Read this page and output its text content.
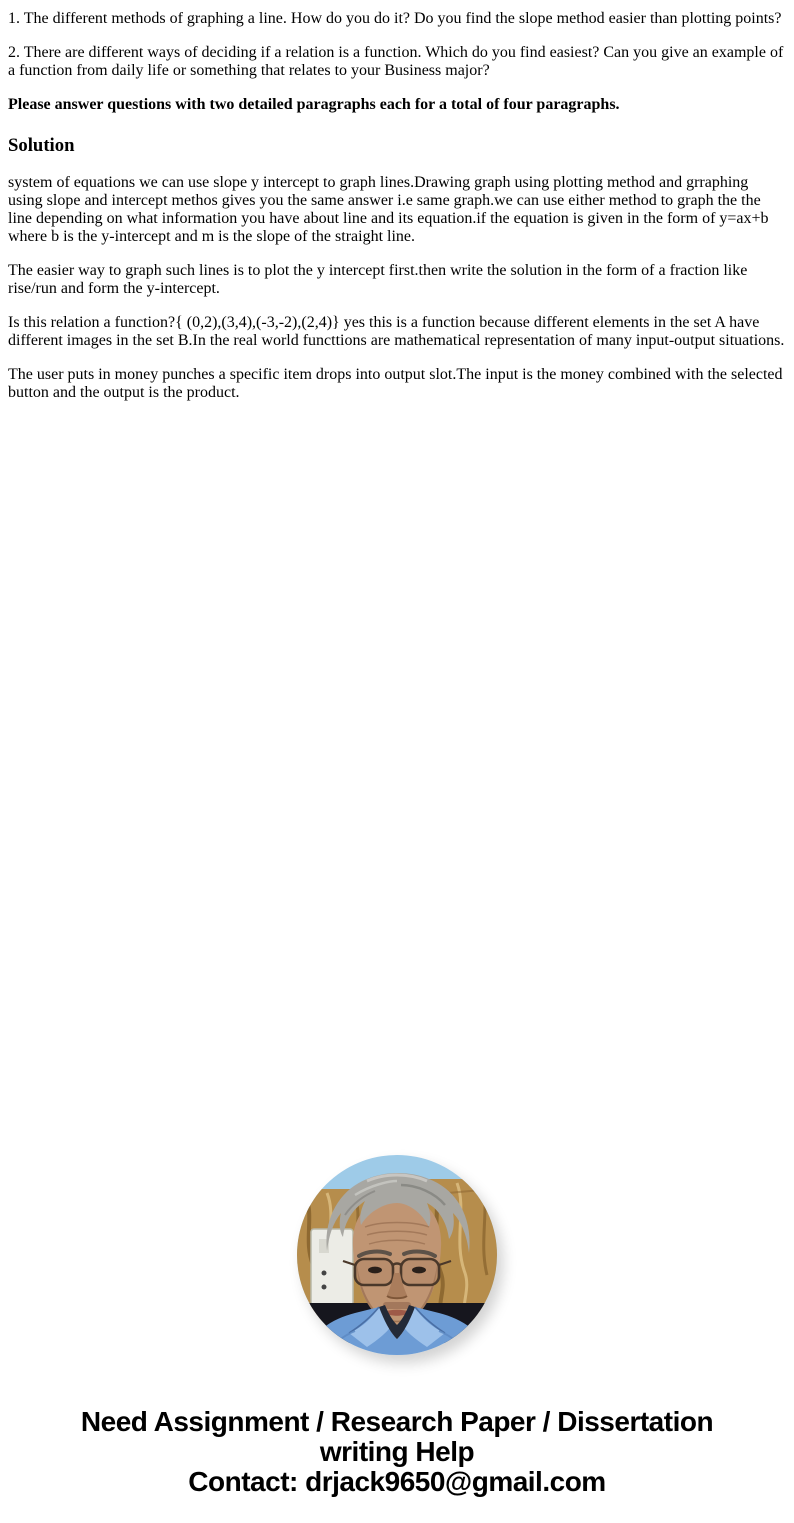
1. The different methods of graphing a line. How do you do it? Do you find the slope method easier than plotting points?

2. There are different ways of deciding if a relation is a function. Which do you find easiest? Can you give an example of a function from daily life or something that relates to your Business major?

Please answer questions with two detailed paragraphs each for a total of four paragraphs.

Solution

system of equations we can use slope y intercept to graph lines.Drawing graph using plotting method and grraphing using slope and intercept methos gives you the same answer i.e same graph.we can use either method to graph the the line depending on what information you have about line and its equation.if the equation is given in the form of y=ax+b where b is the y-intercept and m is the slope of the straight line.

The easier way to graph such lines is to plot the y intercept first.then write the solution in the form of a fraction like rise/run and form the y-intercept.

Is this relation a function?{ (0,2),(3,4),(-3,-2),(2,4)} yes this is a function because different elements in the set A have different images in the set B.In the real world functtions are mathematical representation of many input-output situations.

The user puts in money punches a specific item drops into output slot.The input is the money combined with the selected button and the output is the product.

Need Assignment / Research Paper / Dissertation
writing Help
Contact: drjack9650@gmail.com
